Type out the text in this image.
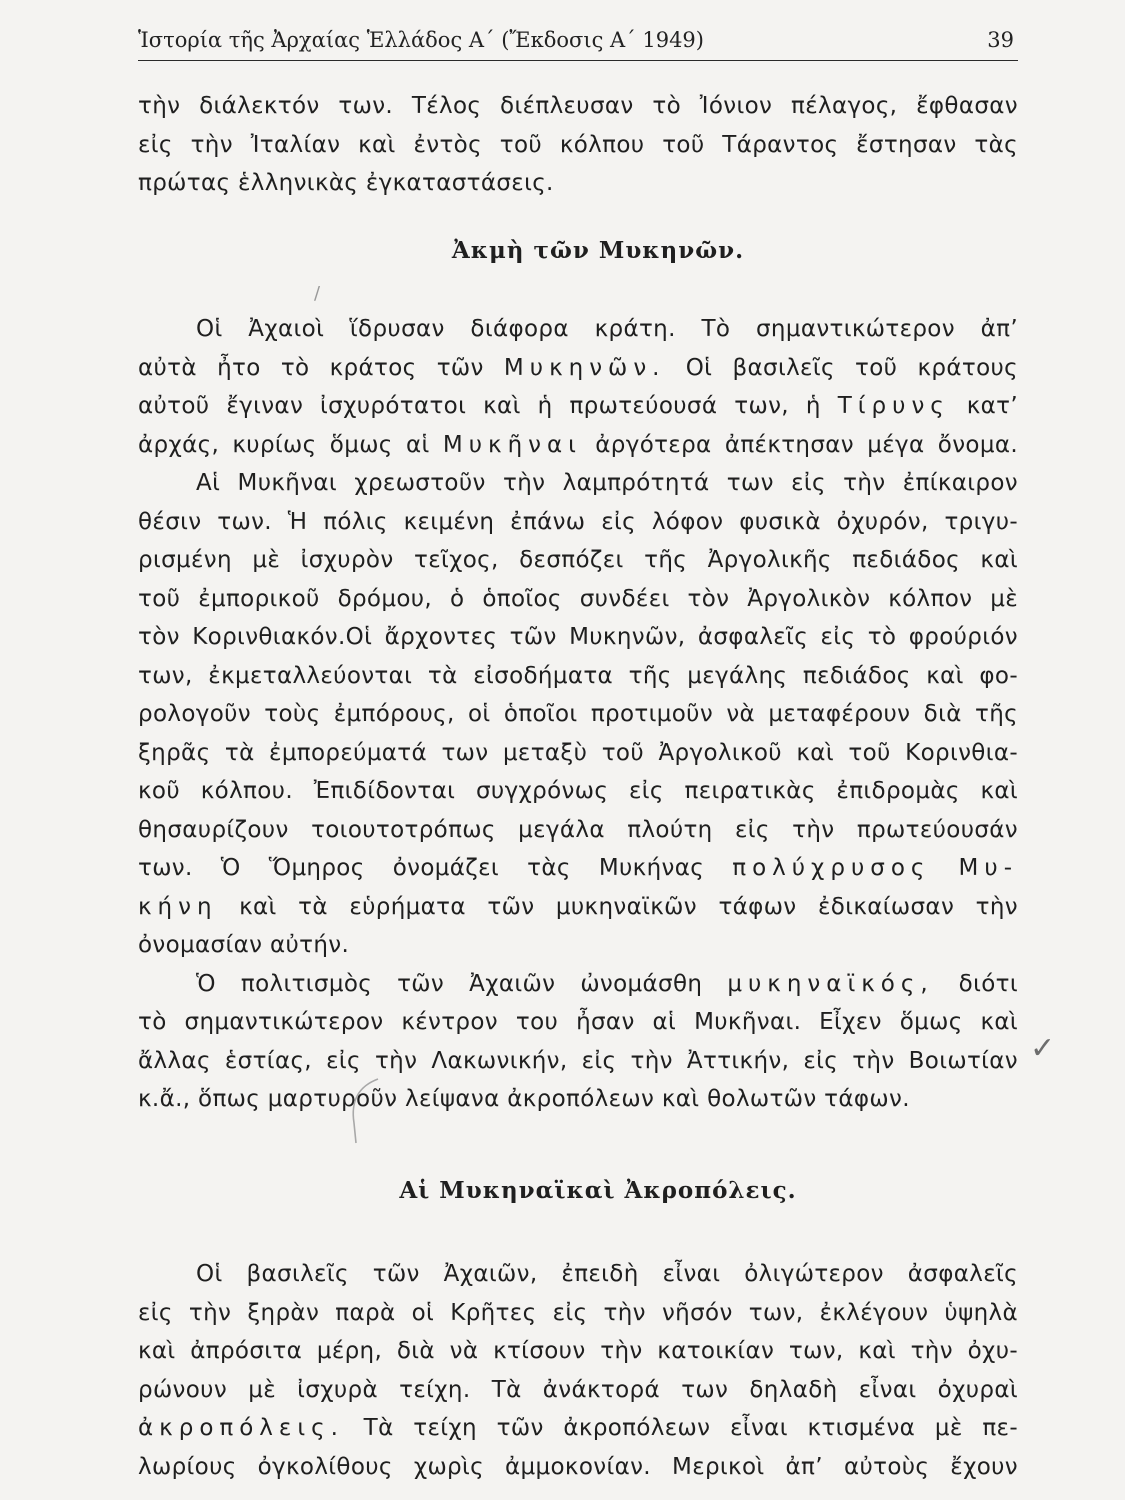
Ἱστορία τῆς Ἀρχαίας Ἑλλάδος Α΄ (Ἔκδοσις Α΄ 1949)	39

τὴν διάλεκτόν των. Τέλος διέπλευσαν τὸ Ἰόνιον πέλαγος, ἔφθασαν

εἰς τὴν Ἰταλίαν καὶ ἐντὸς τοῦ κόλπου τοῦ Τάραντος ἔστησαν τὰς

πρώτας ἑλληνικὰς ἐγκαταστάσεις.

Ἀκμὴ τῶν Μυκηνῶν.

Οἱ Ἀχαιοὶ ἵδρυσαν διάφορα κράτη. Τὸ σημαντικώτερον ἀπ’

αὐτὰ ἦτο τὸ κράτος τῶν Μυκηνῶν. Οἱ βασιλεῖς τοῦ κράτους

αὐτοῦ ἔγιναν ἰσχυρότατοι καὶ ἡ πρωτεύουσά των, ἡ Τίρυνς κατ’

ἀρχάς, κυρίως ὅμως αἱ Μυκῆναι ἀργότερα ἀπέκτησαν μέγα ὄνομα.

Αἱ Μυκῆναι χρεωστοῦν τὴν λαμπρότητά των εἰς τὴν ἐπίκαιρον

θέσιν των. Ἡ πόλις κειμένη ἐπάνω εἰς λόφον φυσικὰ ὀχυρόν, τριγυ-

ρισμένη μὲ ἰσχυρὸν τεῖχος, δεσπόζει τῆς Ἀργολικῆς πεδιάδος καὶ

τοῦ ἐμπορικοῦ δρόμου, ὁ ὁποῖος συνδέει τὸν Ἀργολικὸν κόλπον μὲ

τὸν Κορινθιακόν.Οἱ ἄρχοντες τῶν Μυκηνῶν, ἀσφαλεῖς εἰς τὸ φρούριόν

των, ἐκμεταλλεύονται τὰ εἰσοδήματα τῆς μεγάλης πεδιάδος καὶ φο-

ρολογοῦν τοὺς ἐμπόρους, οἱ ὁποῖοι προτιμοῦν νὰ μεταφέρουν διὰ τῆς

ξηρᾶς τὰ ἐμπορεύματά των μεταξὺ τοῦ Ἀργολικοῦ καὶ τοῦ Κορινθια-

κοῦ κόλπου. Ἐπιδίδονται συγχρόνως εἰς πειρατικὰς ἐπιδρομὰς καὶ

θησαυρίζουν τοιουτοτρόπως μεγάλα πλούτη εἰς τὴν πρωτεύουσάν

των. Ὁ Ὅμηρος ὀνομάζει τὰς Μυκήνας πολύχρυσος Μυ-

κήνη καὶ τὰ εὑρήματα τῶν μυκηναϊκῶν τάφων ἐδικαίωσαν τὴν

ὀνομασίαν αὐτήν.

Ὁ πολιτισμὸς τῶν Ἀχαιῶν ὠνομάσθη μυκηναϊκός, διότι

τὸ σημαντικώτερον κέντρον του ἦσαν αἱ Μυκῆναι. Εἶχεν ὅμως καὶ

ἄλλας ἑστίας, εἰς τὴν Λακωνικήν, εἰς τὴν Ἀττικήν, εἰς τὴν Βοιωτίαν

κ.ἄ., ὅπως μαρτυροῦν λείψανα ἀκροπόλεων καὶ θολωτῶν τάφων.

Αἱ Μυκηναϊκαὶ Ἀκροπόλεις.

Οἱ βασιλεῖς τῶν Ἀχαιῶν, ἐπειδὴ εἶναι ὀλιγώτερον ἀσφαλεῖς

εἰς τὴν ξηρὰν παρὰ οἱ Κρῆτες εἰς τὴν νῆσόν των, ἐκλέγουν ὑψηλὰ

καὶ ἀπρόσιτα μέρη, διὰ νὰ κτίσουν τὴν κατοικίαν των, καὶ τὴν ὀχυ-

ρώνουν μὲ ἰσχυρὰ τείχη. Τὰ ἀνάκτορά των δηλαδὴ εἶναι ὀχυραὶ

ἀκροπόλεις. Τὰ τείχη τῶν ἀκροπόλεων εἶναι κτισμένα μὲ πε-

λωρίους ὀγκολίθους χωρὶς ἀμμοκονίαν. Μερικοὶ ἀπ’ αὐτοὺς ἔχουν

✓
/
